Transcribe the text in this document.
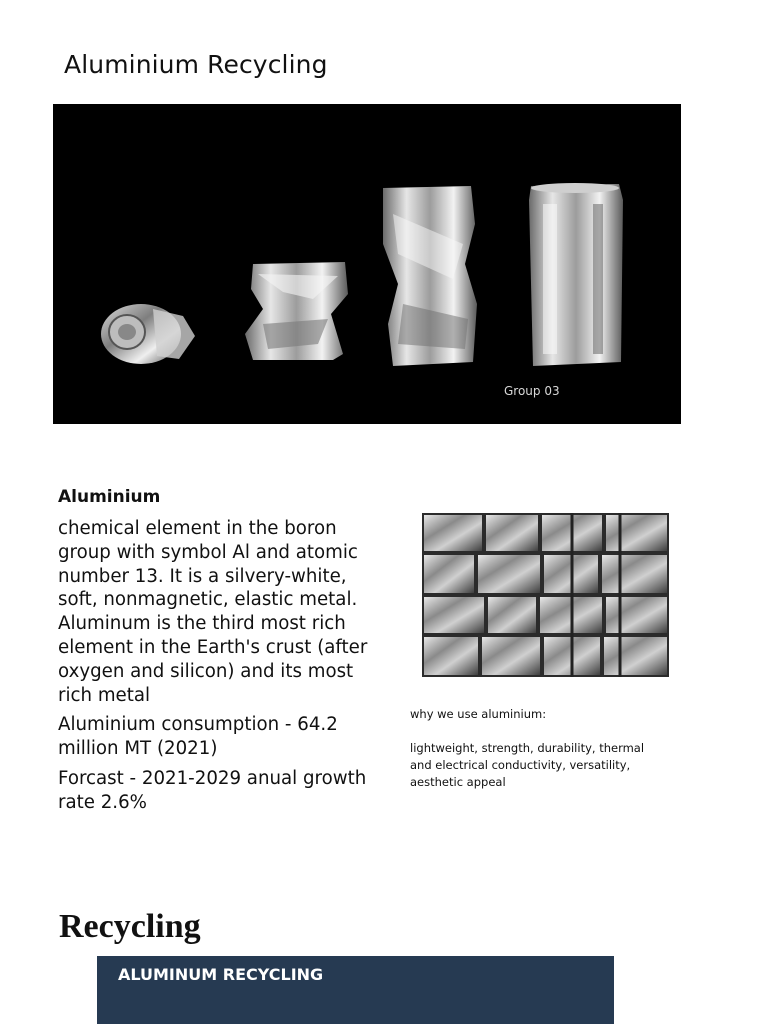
Aluminium Recycling
Group 03
Aluminium

chemical element in the boron group with symbol Al and atomic number 13. It is a silvery-white, soft, nonmagnetic, elastic metal. Aluminum is the third most rich element in the Earth's crust (after oxygen and silicon) and its most rich metal

Aluminium consumption - 64.2 million MT (2021)

Forcast - 2021-2029 anual growth rate 2.6%

why we use aluminium:
lightweight, strength, durability, thermal and electrical conductivity, versatility, aesthetic appeal
Recycling
ALUMINUM RECYCLING
